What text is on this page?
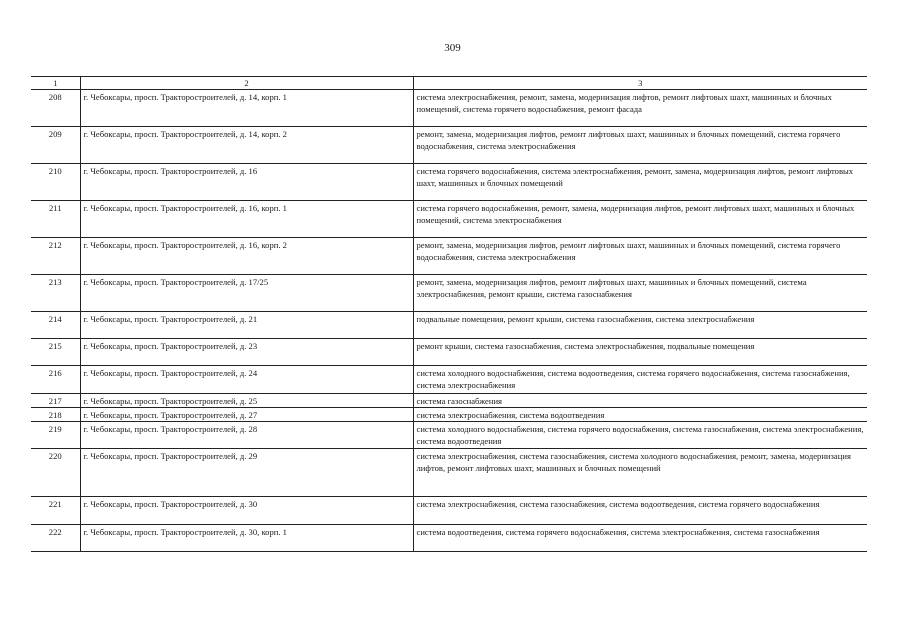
309
1	2	3
208	г. Чебоксары, просп. Тракторостроителей, д. 14, корп. 1	система электроснабжения, ремонт, замена, модернизация лифтов, ремонт лифтовых шахт, машинных и блочных помещений, система горячего водоснабжения, ремонт фасада
209	г. Чебоксары, просп. Тракторостроителей, д. 14, корп. 2	ремонт, замена, модернизация лифтов, ремонт лифтовых шахт, машинных и блочных помещений, система горячего водоснабжения, система электроснабжения
210	г. Чебоксары, просп. Тракторостроителей, д. 16	система горячего водоснабжения, система электроснабжения, ремонт, замена, модернизация лифтов, ремонт лифтовых шахт, машинных и блочных помещений
211	г. Чебоксары, просп. Тракторостроителей, д. 16, корп. 1	система горячего водоснабжения, ремонт, замена, модернизация лифтов, ремонт лифтовых шахт, машинных и блочных помещений, система электроснабжения
212	г. Чебоксары, просп. Тракторостроителей, д. 16, корп. 2	ремонт, замена, модернизация лифтов, ремонт лифтовых шахт, машинных и блочных помещений, система горячего водоснабжения, система электроснабжения
213	г. Чебоксары, просп. Тракторостроителей, д. 17/25	ремонт, замена, модернизация лифтов, ремонт лифтовых шахт, машинных и блочных помещений, система электроснабжения, ремонт крыши, система газоснабжения
214	г. Чебоксары, просп. Тракторостроителей, д. 21	подвальные помещения, ремонт крыши, система газоснабжения, система электроснабжения
215	г. Чебоксары, просп. Тракторостроителей, д. 23	ремонт крыши, система газоснабжения, система электроснабжения, подвальные помещения
216	г. Чебоксары, просп. Тракторостроителей, д. 24	система холодного водоснабжения, система водоотведения, система горячего водоснабжения, система газоснабжения, система электроснабжения
217	г. Чебоксары, просп. Тракторостроителей, д. 25	система газоснабжения
218	г. Чебоксары, просп. Тракторостроителей, д. 27	система электроснабжения, система водоотведения
219	г. Чебоксары, просп. Тракторостроителей, д. 28	система холодного водоснабжения, система горячего водоснабжения, система газоснабжения, система электроснабжения, система водоотведения
220	г. Чебоксары, просп. Тракторостроителей, д. 29	система электроснабжения, система газоснабжения, система холодного водоснабжения, ремонт, замена, модернизация лифтов, ремонт лифтовых шахт, машинных и блочных помещений
221	г. Чебоксары, просп. Тракторостроителей, д. 30	система электроснабжения, система газоснабжения, система водоотведения, система горячего водоснабжения
222	г. Чебоксары, просп. Тракторостроителей, д. 30, корп. 1	система водоотведения, система горячего водоснабжения, система электроснабжения, система газоснабжения
